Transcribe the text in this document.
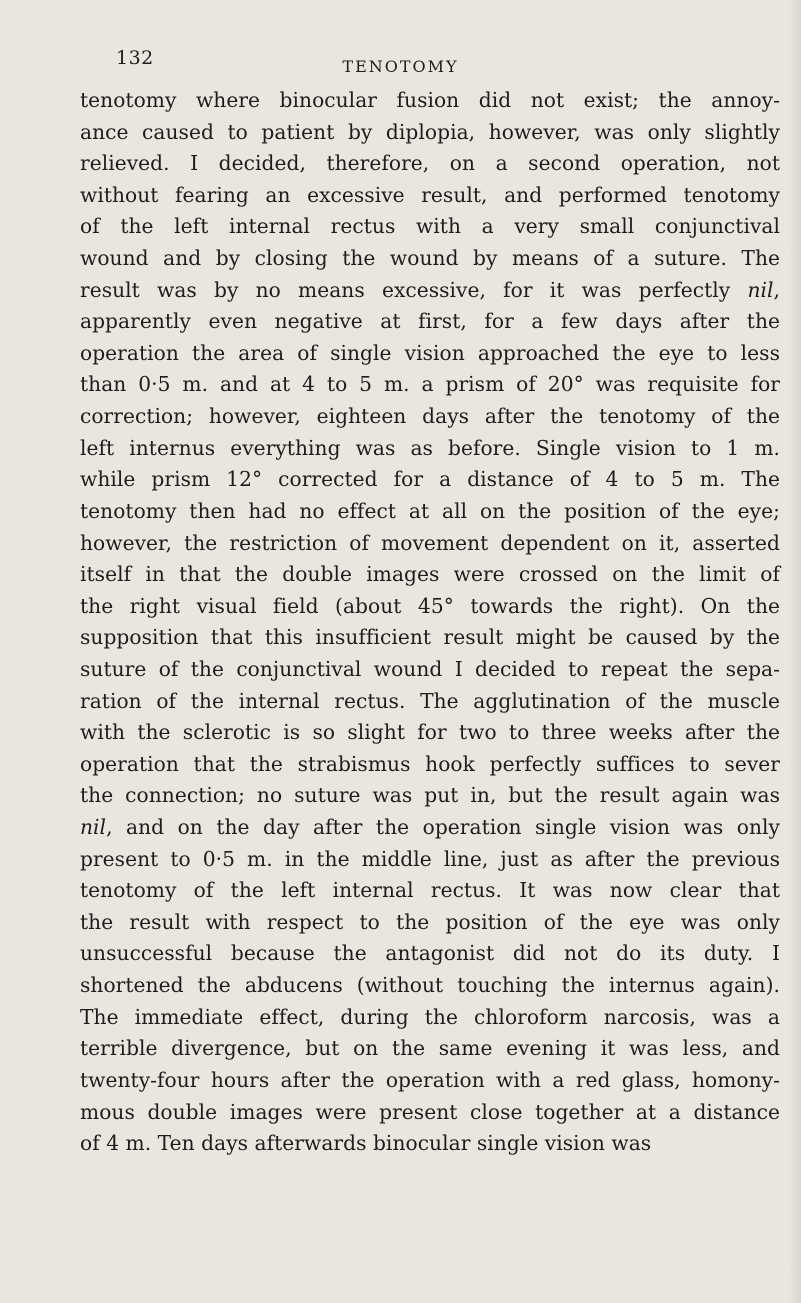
132	TENOTOMY
tenotomy where binocular fusion did not exist; the annoy-
ance caused to patient by diplopia, however, was only slightly
relieved. I decided, therefore, on a second operation, not
without fearing an excessive result, and performed tenotomy
of the left internal rectus with a very small conjunctival
wound and by closing the wound by means of a suture. The
result was by no means excessive, for it was perfectly nil,
apparently even negative at first, for a few days after the
operation the area of single vision approached the eye to less
than 0·5 m. and at 4 to 5 m. a prism of 20° was requisite for
correction; however, eighteen days after the tenotomy of the
left internus everything was as before. Single vision to 1 m.
while prism 12° corrected for a distance of 4 to 5 m. The
tenotomy then had no effect at all on the position of the eye;
however, the restriction of movement dependent on it, asserted
itself in that the double images were crossed on the limit of
the right visual field (about 45° towards the right). On the
supposition that this insufficient result might be caused by the
suture of the conjunctival wound I decided to repeat the sepa-
ration of the internal rectus. The agglutination of the muscle
with the sclerotic is so slight for two to three weeks after the
operation that the strabismus hook perfectly suffices to sever
the connection; no suture was put in, but the result again was
nil, and on the day after the operation single vision was only
present to 0·5 m. in the middle line, just as after the previous
tenotomy of the left internal rectus. It was now clear that
the result with respect to the position of the eye was only
unsuccessful because the antagonist did not do its duty. I
shortened the abducens (without touching the internus again).
The immediate effect, during the chloroform narcosis, was a
terrible divergence, but on the same evening it was less, and
twenty-four hours after the operation with a red glass, homony-
mous double images were present close together at a distance
of 4 m. Ten days afterwards binocular single vision was
